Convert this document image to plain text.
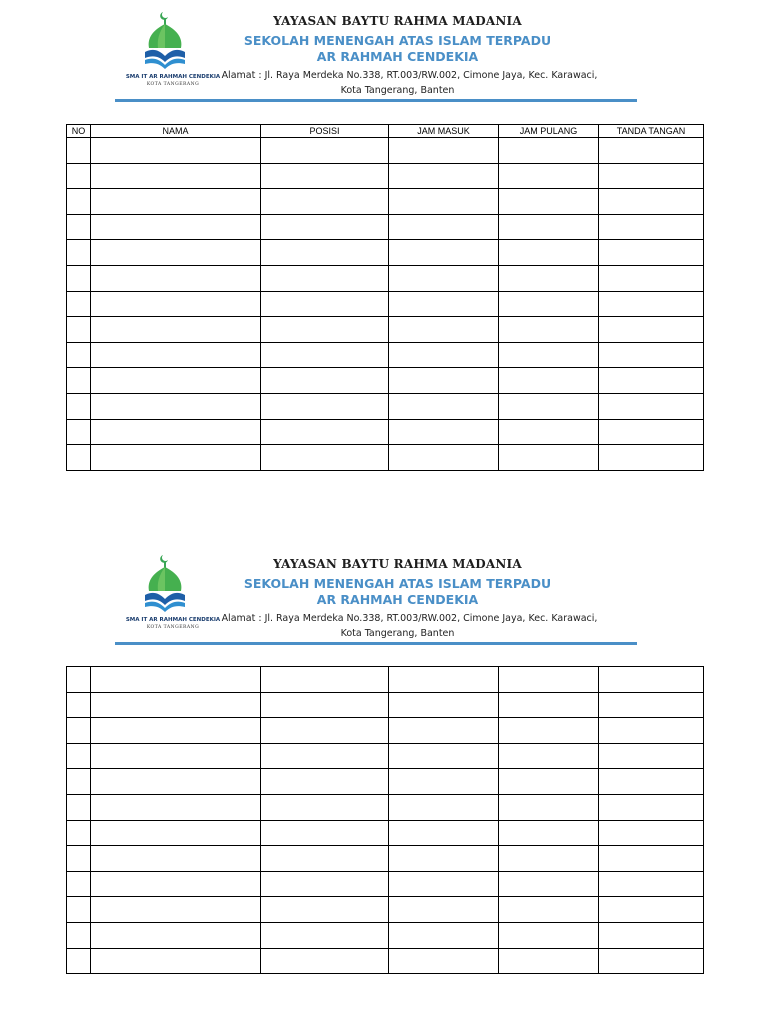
SMA IT AR RAHMAH CENDEKIA
KOTA TANGERANG
YAYASAN BAYTU RAHMA MADANIA
SEKOLAH MENENGAH ATAS ISLAM TERPADU
AR RAHMAH CENDEKIA
Alamat : Jl. Raya Merdeka No.338, RT.003/RW.002, Cimone Jaya, Kec. Karawaci,
Kota Tangerang, Banten
NO	NAMA	POSISI	JAM MASUK	JAM PULANG	TANDA TANGAN

SMA IT AR RAHMAH CENDEKIA
KOTA TANGERANG
YAYASAN BAYTU RAHMA MADANIA
SEKOLAH MENENGAH ATAS ISLAM TERPADU
AR RAHMAH CENDEKIA
Alamat : Jl. Raya Merdeka No.338, RT.003/RW.002, Cimone Jaya, Kec. Karawaci,
Kota Tangerang, Banten
